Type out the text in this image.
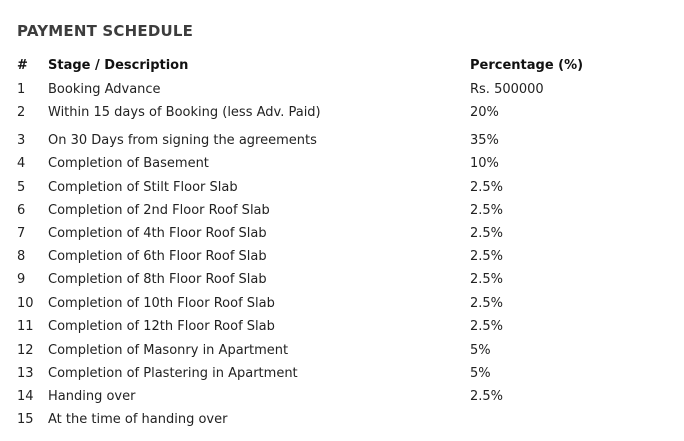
PAYMENT SCHEDULE
# Stage / Description	Percentage (%)
1 Booking Advance	Rs. 500000
2 Within 15 days of Booking (less Adv. Paid)	20%
3 On 30 Days from signing the agreements	35%
4 Completion of Basement	10%
5 Completion of Stilt Floor Slab	2.5%
6 Completion of 2nd Floor Roof Slab	2.5%
7 Completion of 4th Floor Roof Slab	2.5%
8 Completion of 6th Floor Roof Slab	2.5%
9 Completion of 8th Floor Roof Slab	2.5%
10 Completion of 10th Floor Roof Slab	2.5%
11 Completion of 12th Floor Roof Slab	2.5%
12 Completion of Masonry in Apartment	5%
13 Completion of Plastering in Apartment	5%
14 Handing over	2.5%
15 At the time of handing over
